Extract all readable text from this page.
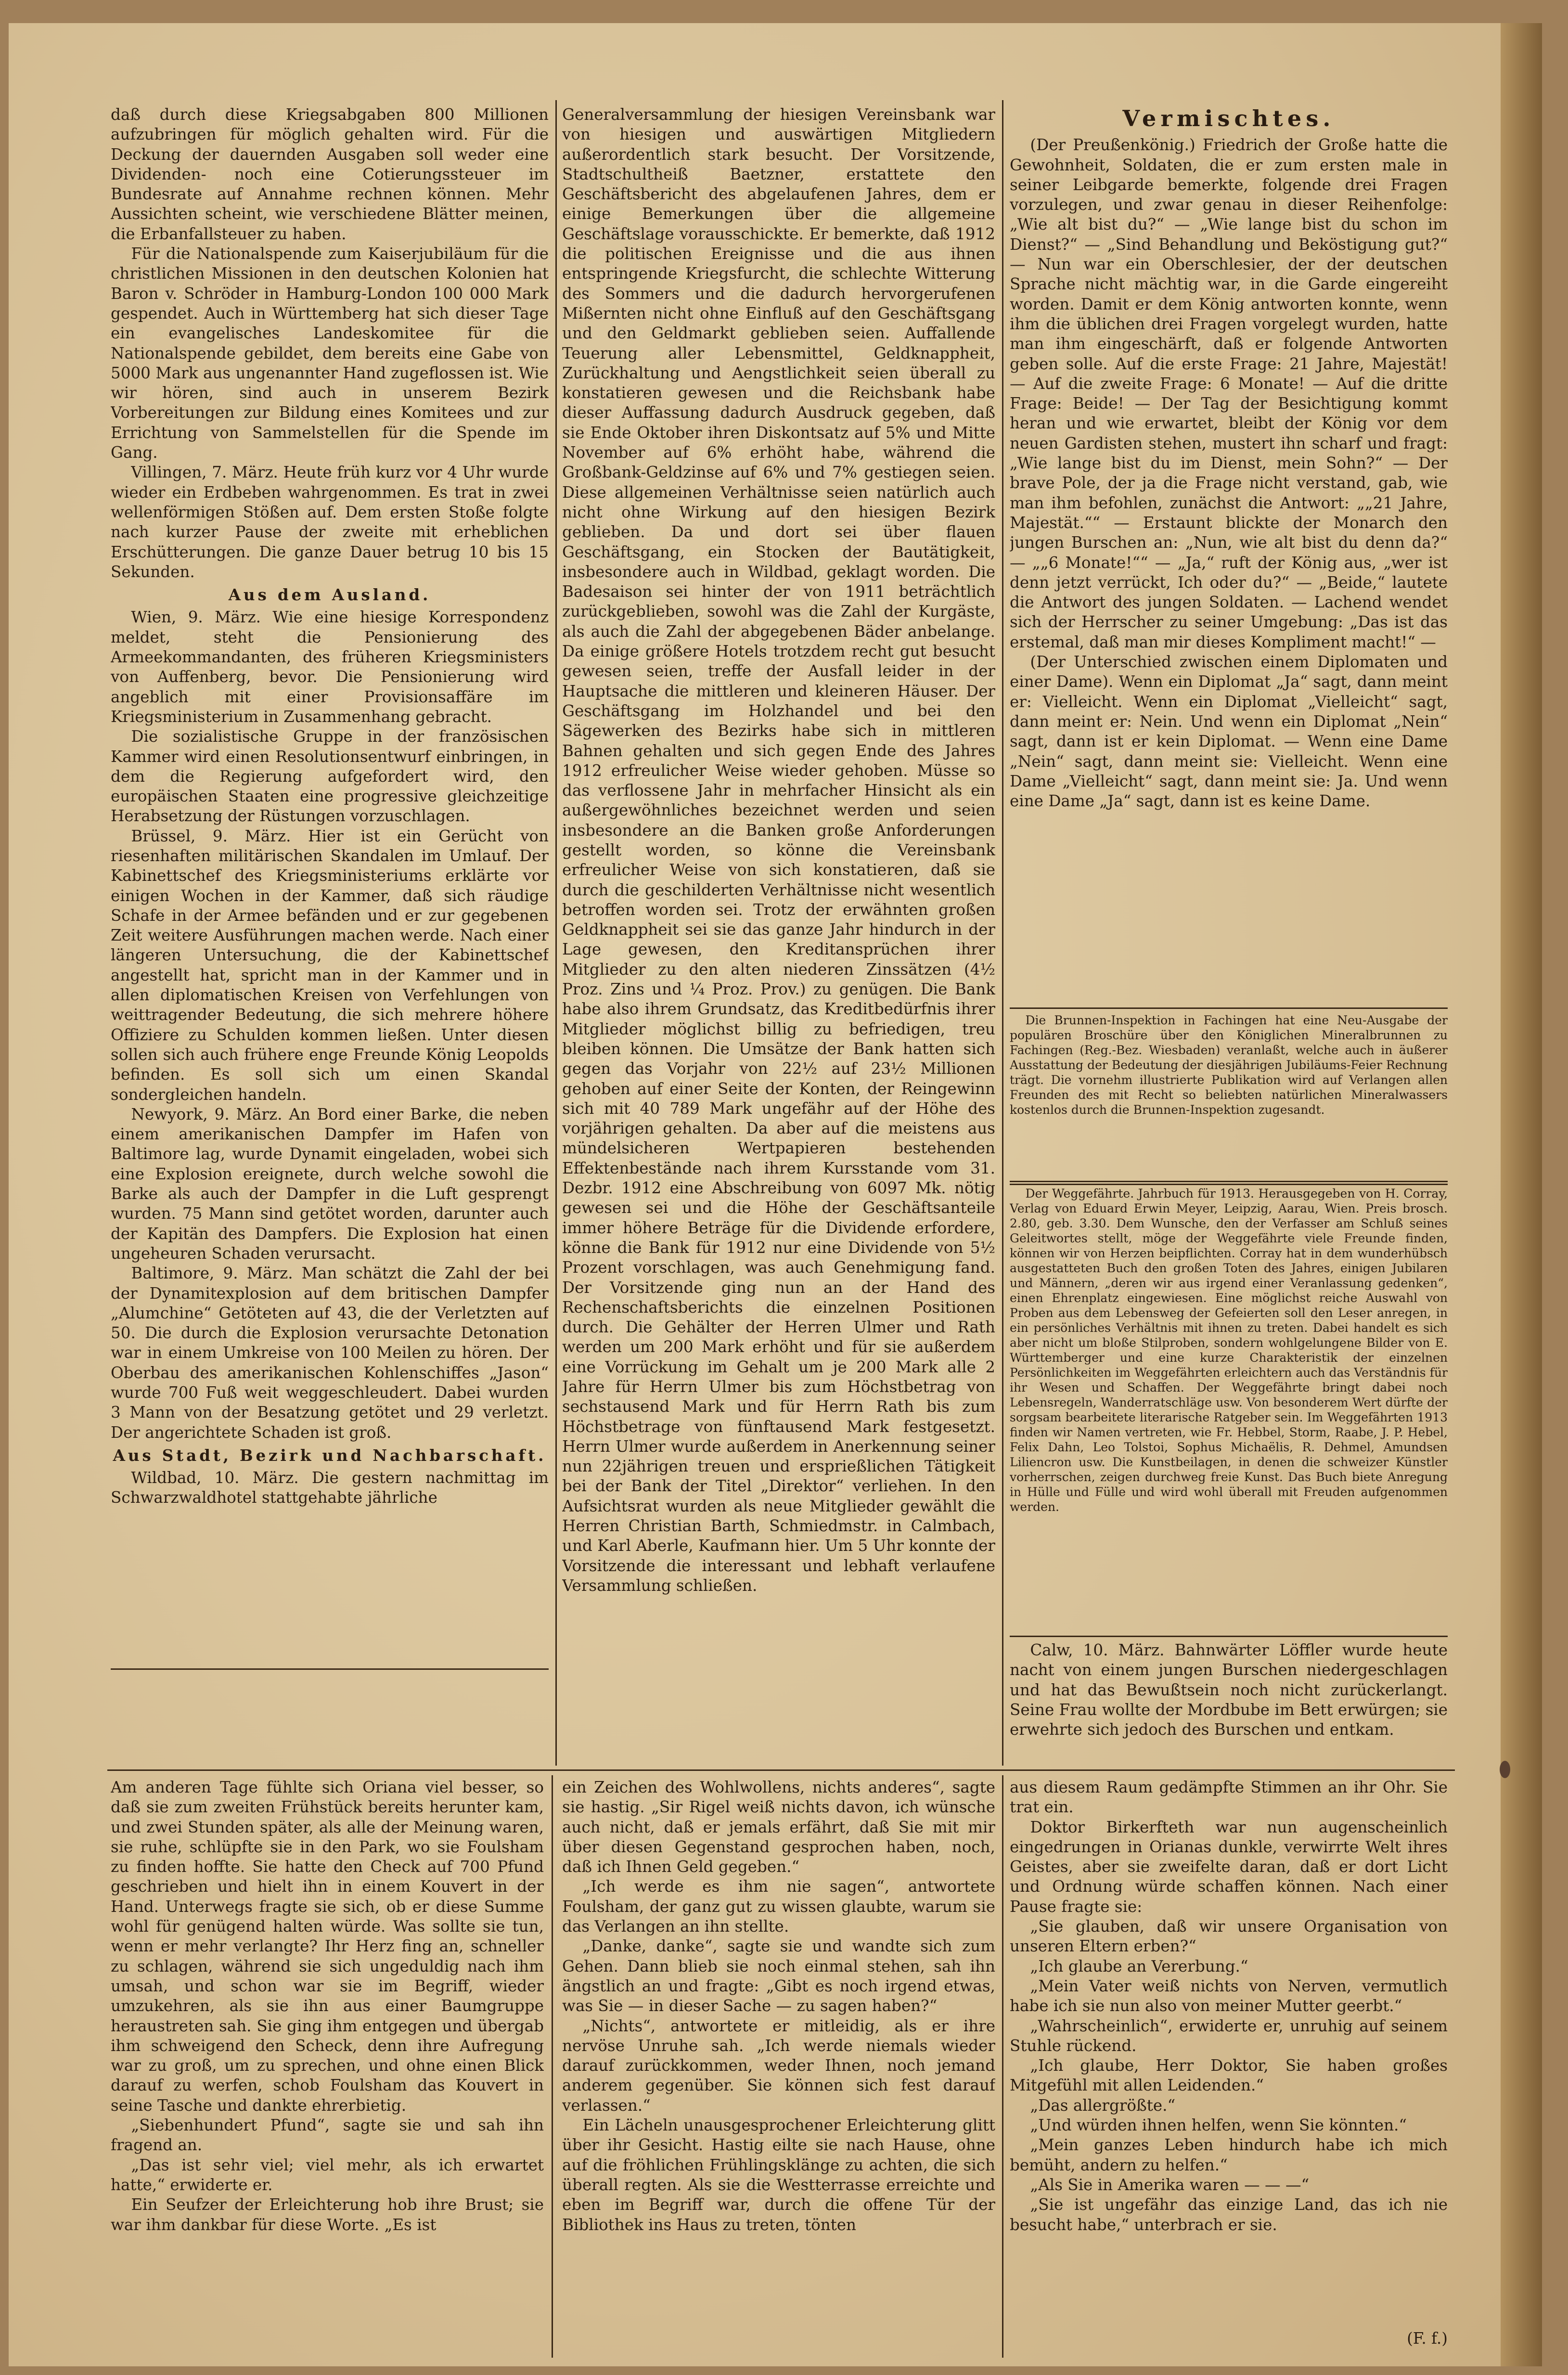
daß durch diese Kriegsabgaben 800 Millionen aufzubringen für möglich gehalten wird. Für die Deckung der dauernden Ausgaben soll weder eine Dividenden- noch eine Cotierungssteuer im Bundesrate auf Annahme rechnen können. Mehr Aussichten scheint, wie verschiedene Blätter meinen, die Erbanfallsteuer zu haben.

Für die Nationalspende zum Kaiserjubiläum für die christlichen Missionen in den deutschen Kolonien hat Baron v. Schröder in Hamburg-London 100 000 Mark gespendet. Auch in Württemberg hat sich dieser Tage ein evangelisches Landeskomitee für die Nationalspende gebildet, dem bereits eine Gabe von 5000 Mark aus ungenannter Hand zugeflossen ist. Wie wir hören, sind auch in unserem Bezirk Vorbereitungen zur Bildung eines Komitees und zur Errichtung von Sammelstellen für die Spende im Gang.

Villingen, 7. März. Heute früh kurz vor 4 Uhr wurde wieder ein Erdbeben wahrgenommen. Es trat in zwei wellenförmigen Stößen auf. Dem ersten Stoße folgte nach kurzer Pause der zweite mit erheblichen Erschütterungen. Die ganze Dauer betrug 10 bis 15 Sekunden.

Aus dem Ausland.

Wien, 9. März. Wie eine hiesige Korrespondenz meldet, steht die Pensionierung des Armeekommandanten, des früheren Kriegsministers von Auffenberg, bevor. Die Pensionierung wird angeblich mit einer Provisionsaffäre im Kriegsministerium in Zusammenhang gebracht.

Die sozialistische Gruppe in der französischen Kammer wird einen Resolutionsentwurf einbringen, in dem die Regierung aufgefordert wird, den europäischen Staaten eine progressive gleichzeitige Herabsetzung der Rüstungen vorzuschlagen.

Brüssel, 9. März. Hier ist ein Gerücht von riesenhaften militärischen Skandalen im Umlauf. Der Kabinettschef des Kriegsministeriums erklärte vor einigen Wochen in der Kammer, daß sich räudige Schafe in der Armee befänden und er zur gegebenen Zeit weitere Ausführungen machen werde. Nach einer längeren Untersuchung, die der Kabinettschef angestellt hat, spricht man in der Kammer und in allen diplomatischen Kreisen von Verfehlungen von weittragender Bedeutung, die sich mehrere höhere Offiziere zu Schulden kommen ließen. Unter diesen sollen sich auch frühere enge Freunde König Leopolds befinden. Es soll sich um einen Skandal sondergleichen handeln.

Newyork, 9. März. An Bord einer Barke, die neben einem amerikanischen Dampfer im Hafen von Baltimore lag, wurde Dynamit eingeladen, wobei sich eine Explosion ereignete, durch welche sowohl die Barke als auch der Dampfer in die Luft gesprengt wurden. 75 Mann sind getötet worden, darunter auch der Kapitän des Dampfers. Die Explosion hat einen ungeheuren Schaden verursacht.

Baltimore, 9. März. Man schätzt die Zahl der bei der Dynamitexplosion auf dem britischen Dampfer „Alumchine“ Getöteten auf 43, die der Verletzten auf 50. Die durch die Explosion verursachte Detonation war in einem Umkreise von 100 Meilen zu hören. Der Oberbau des amerikanischen Kohlenschiffes „Jason“ wurde 700 Fuß weit weggeschleudert. Dabei wurden 3 Mann von der Besatzung getötet und 29 verletzt. Der angerichtete Schaden ist groß.

Aus Stadt, Bezirk und Nachbarschaft.

Wildbad, 10. März. Die gestern nachmittag im Schwarzwaldhotel stattgehabte jährliche

Generalversammlung der hiesigen Vereinsbank war von hiesigen und auswärtigen Mitgliedern außerordentlich stark besucht. Der Vorsitzende, Stadtschultheiß Baetzner, erstattete den Geschäftsbericht des abgelaufenen Jahres, dem er einige Bemerkungen über die allgemeine Geschäftslage vorausschickte. Er bemerkte, daß 1912 die politischen Ereignisse und die aus ihnen entspringende Kriegsfurcht, die schlechte Witterung des Sommers und die dadurch hervorgerufenen Mißernten nicht ohne Einfluß auf den Geschäftsgang und den Geldmarkt geblieben seien. Auffallende Teuerung aller Lebensmittel, Geldknappheit, Zurückhaltung und Aengstlichkeit seien überall zu konstatieren gewesen und die Reichsbank habe dieser Auffassung dadurch Ausdruck gegeben, daß sie Ende Oktober ihren Diskontsatz auf 5% und Mitte November auf 6% erhöht habe, während die Großbank-Geldzinse auf 6% und 7% gestiegen seien. Diese allgemeinen Verhältnisse seien natürlich auch nicht ohne Wirkung auf den hiesigen Bezirk geblieben. Da und dort sei über flauen Geschäftsgang, ein Stocken der Bautätigkeit, insbesondere auch in Wildbad, geklagt worden. Die Badesaison sei hinter der von 1911 beträchtlich zurückgeblieben, sowohl was die Zahl der Kurgäste, als auch die Zahl der abgegebenen Bäder anbelange. Da einige größere Hotels trotzdem recht gut besucht gewesen seien, treffe der Ausfall leider in der Hauptsache die mittleren und kleineren Häuser. Der Geschäftsgang im Holzhandel und bei den Sägewerken des Bezirks habe sich in mittleren Bahnen gehalten und sich gegen Ende des Jahres 1912 erfreulicher Weise wieder gehoben. Müsse so das verflossene Jahr in mehrfacher Hinsicht als ein außergewöhnliches bezeichnet werden und seien insbesondere an die Banken große Anforderungen gestellt worden, so könne die Vereinsbank erfreulicher Weise von sich konstatieren, daß sie durch die geschilderten Verhältnisse nicht wesentlich betroffen worden sei. Trotz der erwähnten großen Geldknappheit sei sie das ganze Jahr hindurch in der Lage gewesen, den Kreditansprüchen ihrer Mitglieder zu den alten niederen Zinssätzen (4½ Proz. Zins und ¼ Proz. Prov.) zu genügen. Die Bank habe also ihrem Grundsatz, das Kreditbedürfnis ihrer Mitglieder möglichst billig zu befriedigen, treu bleiben können. Die Umsätze der Bank hatten sich gegen das Vorjahr von 22½ auf 23½ Millionen gehoben auf einer Seite der Konten, der Reingewinn sich mit 40 789 Mark ungefähr auf der Höhe des vorjährigen gehalten. Da aber auf die meistens aus mündelsicheren Wertpapieren bestehenden Effektenbestände nach ihrem Kursstande vom 31. Dezbr. 1912 eine Abschreibung von 6097 Mk. nötig gewesen sei und die Höhe der Geschäftsanteile immer höhere Beträge für die Dividende erfordere, könne die Bank für 1912 nur eine Dividende von 5½ Prozent vorschlagen, was auch Genehmigung fand. Der Vorsitzende ging nun an der Hand des Rechenschaftsberichts die einzelnen Positionen durch. Die Gehälter der Herren Ulmer und Rath werden um 200 Mark erhöht und für sie außerdem eine Vorrückung im Gehalt um je 200 Mark alle 2 Jahre für Herrn Ulmer bis zum Höchstbetrag von sechstausend Mark und für Herrn Rath bis zum Höchstbetrage von fünftausend Mark festgesetzt. Herrn Ulmer wurde außerdem in Anerkennung seiner nun 22jährigen treuen und ersprießlichen Tätigkeit bei der Bank der Titel „Direktor“ verliehen. In den Aufsichtsrat wurden als neue Mitglieder gewählt die Herren Christian Barth, Schmiedmstr. in Calmbach, und Karl Aberle, Kaufmann hier. Um 5 Uhr konnte der Vorsitzende die interessant und lebhaft verlaufene Versammlung schließen.

Vermischtes.

(Der Preußenkönig.) Friedrich der Große hatte die Gewohnheit, Soldaten, die er zum ersten male in seiner Leibgarde bemerkte, folgende drei Fragen vorzulegen, und zwar genau in dieser Reihenfolge: „Wie alt bist du?“ — „Wie lange bist du schon im Dienst?“ — „Sind Behandlung und Beköstigung gut?“ — Nun war ein Oberschlesier, der der deutschen Sprache nicht mächtig war, in die Garde eingereiht worden. Damit er dem König antworten konnte, wenn ihm die üblichen drei Fragen vorgelegt wurden, hatte man ihm eingeschärft, daß er folgende Antworten geben solle. Auf die erste Frage: 21 Jahre, Majestät! — Auf die zweite Frage: 6 Monate! — Auf die dritte Frage: Beide! — Der Tag der Besichtigung kommt heran und wie erwartet, bleibt der König vor dem neuen Gardisten stehen, mustert ihn scharf und fragt: „Wie lange bist du im Dienst, mein Sohn?“ — Der brave Pole, der ja die Frage nicht verstand, gab, wie man ihm befohlen, zunächst die Antwort: „„21 Jahre, Majestät.““ — Erstaunt blickte der Monarch den jungen Burschen an: „Nun, wie alt bist du denn da?“ — „„6 Monate!““ — „Ja,“ ruft der König aus, „wer ist denn jetzt verrückt, Ich oder du?“ — „Beide,“ lautete die Antwort des jungen Soldaten. — Lachend wendet sich der Herrscher zu seiner Umgebung: „Das ist das erstemal, daß man mir dieses Kompliment macht!“ —

(Der Unterschied zwischen einem Diplomaten und einer Dame). Wenn ein Diplomat „Ja“ sagt, dann meint er: Vielleicht. Wenn ein Diplomat „Vielleicht“ sagt, dann meint er: Nein. Und wenn ein Diplomat „Nein“ sagt, dann ist er kein Diplomat. — Wenn eine Dame „Nein“ sagt, dann meint sie: Vielleicht. Wenn eine Dame „Vielleicht“ sagt, dann meint sie: Ja. Und wenn eine Dame „Ja“ sagt, dann ist es keine Dame.

Die Brunnen-Inspektion in Fachingen hat eine Neu-Ausgabe der populären Broschüre über den Königlichen Mineralbrunnen zu Fachingen (Reg.-Bez. Wiesbaden) veranlaßt, welche auch in äußerer Ausstattung der Bedeutung der diesjährigen Jubiläums-Feier Rechnung trägt. Die vornehm illustrierte Publikation wird auf Verlangen allen Freunden des mit Recht so beliebten natürlichen Mineralwassers kostenlos durch die Brunnen-Inspektion zugesandt.

Der Weggefährte. Jahrbuch für 1913. Herausgegeben von H. Corray, Verlag von Eduard Erwin Meyer, Leipzig, Aarau, Wien. Preis brosch. 2.80, geb. 3.30. Dem Wunsche, den der Verfasser am Schluß seines Geleitwortes stellt, möge der Weggefährte viele Freunde finden, können wir von Herzen beipflichten. Corray hat in dem wunderhübsch ausgestatteten Buch den großen Toten des Jahres, einigen Jubilaren und Männern, „deren wir aus irgend einer Veranlassung gedenken“, einen Ehrenplatz eingewiesen. Eine möglichst reiche Auswahl von Proben aus dem Lebensweg der Gefeierten soll den Leser anregen, in ein persönliches Verhältnis mit ihnen zu treten. Dabei handelt es sich aber nicht um bloße Stilproben, sondern wohlgelungene Bilder von E. Württemberger und eine kurze Charakteristik der einzelnen Persönlichkeiten im Weggefährten erleichtern auch das Verständnis für ihr Wesen und Schaffen. Der Weggefährte bringt dabei noch Lebensregeln, Wanderratschläge usw. Von besonderem Wert dürfte der sorgsam bearbeitete literarische Ratgeber sein. Im Weggefährten 1913 finden wir Namen vertreten, wie Fr. Hebbel, Storm, Raabe, J. P. Hebel, Felix Dahn, Leo Tolstoi, Sophus Michaëlis, R. Dehmel, Amundsen Liliencron usw. Die Kunstbeilagen, in denen die schweizer Künstler vorherrschen, zeigen durchweg freie Kunst. Das Buch biete Anregung in Hülle und Fülle und wird wohl überall mit Freuden aufgenommen werden.

Calw, 10. März. Bahnwärter Löffler wurde heute nacht von einem jungen Burschen niedergeschlagen und hat das Bewußtsein noch nicht zurückerlangt. Seine Frau wollte der Mordbube im Bett erwürgen; sie erwehrte sich jedoch des Burschen und entkam.

Am anderen Tage fühlte sich Oriana viel besser, so daß sie zum zweiten Frühstück bereits herunter kam, und zwei Stunden später, als alle der Meinung waren, sie ruhe, schlüpfte sie in den Park, wo sie Foulsham zu finden hoffte. Sie hatte den Check auf 700 Pfund geschrieben und hielt ihn in einem Kouvert in der Hand. Unterwegs fragte sie sich, ob er diese Summe wohl für genügend halten würde. Was sollte sie tun, wenn er mehr verlangte? Ihr Herz fing an, schneller zu schlagen, während sie sich ungeduldig nach ihm umsah, und schon war sie im Begriff, wieder umzukehren, als sie ihn aus einer Baumgruppe heraustreten sah. Sie ging ihm entgegen und übergab ihm schweigend den Scheck, denn ihre Aufregung war zu groß, um zu sprechen, und ohne einen Blick darauf zu werfen, schob Foulsham das Kouvert in seine Tasche und dankte ehrerbietig.

„Siebenhundert Pfund“, sagte sie und sah ihn fragend an.

„Das ist sehr viel; viel mehr, als ich erwartet hatte,“ erwiderte er.

Ein Seufzer der Erleichterung hob ihre Brust; sie war ihm dankbar für diese Worte. „Es ist

ein Zeichen des Wohlwollens, nichts anderes“, sagte sie hastig. „Sir Rigel weiß nichts davon, ich wünsche auch nicht, daß er jemals erfährt, daß Sie mit mir über diesen Gegenstand gesprochen haben, noch, daß ich Ihnen Geld gegeben.“

„Ich werde es ihm nie sagen“, antwortete Foulsham, der ganz gut zu wissen glaubte, warum sie das Verlangen an ihn stellte.

„Danke, danke“, sagte sie und wandte sich zum Gehen. Dann blieb sie noch einmal stehen, sah ihn ängstlich an und fragte: „Gibt es noch irgend etwas, was Sie — in dieser Sache — zu sagen haben?“

„Nichts“, antwortete er mitleidig, als er ihre nervöse Unruhe sah. „Ich werde niemals wieder darauf zurückkommen, weder Ihnen, noch jemand anderem gegenüber. Sie können sich fest darauf verlassen.“

Ein Lächeln unausgesprochener Erleichterung glitt über ihr Gesicht. Hastig eilte sie nach Hause, ohne auf die fröhlichen Frühlingsklänge zu achten, die sich überall regten. Als sie die Westterrasse erreichte und eben im Begriff war, durch die offene Tür der Bibliothek ins Haus zu treten, tönten

aus diesem Raum gedämpfte Stimmen an ihr Ohr. Sie trat ein.

Doktor Birkerfteth war nun augenscheinlich eingedrungen in Orianas dunkle, verwirrte Welt ihres Geistes, aber sie zweifelte daran, daß er dort Licht und Ordnung würde schaffen können. Nach einer Pause fragte sie:

„Sie glauben, daß wir unsere Organisation von unseren Eltern erben?“

„Ich glaube an Vererbung.“

„Mein Vater weiß nichts von Nerven, vermutlich habe ich sie nun also von meiner Mutter geerbt.“

„Wahrscheinlich“, erwiderte er, unruhig auf seinem Stuhle rückend.

„Ich glaube, Herr Doktor, Sie haben großes Mitgefühl mit allen Leidenden.“

„Das allergrößte.“

„Und würden ihnen helfen, wenn Sie könnten.“

„Mein ganzes Leben hindurch habe ich mich bemüht, andern zu helfen.“

„Als Sie in Amerika waren — — —“

„Sie ist ungefähr das einzige Land, das ich nie besucht habe,“ unterbrach er sie.

(F. f.)
